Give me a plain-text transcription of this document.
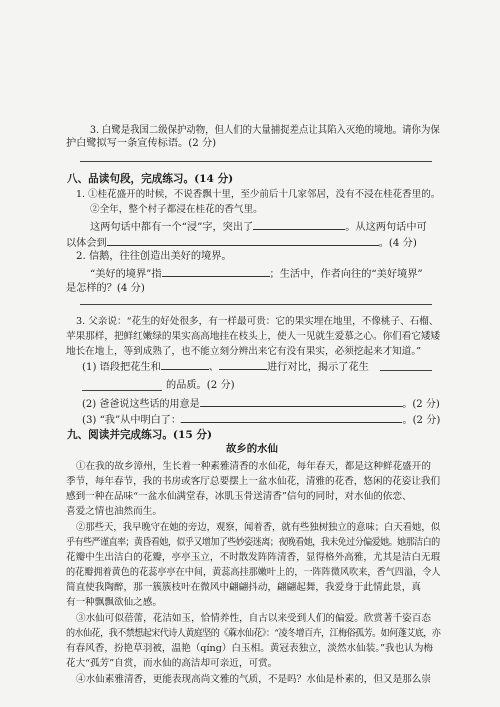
3. 白鹭是我国二级保护动物，但人们的大量捕捉差点让其陷入灭绝的境地。请你为保
护白鹭拟写一条宣传标语。(2 分)
八、品读句段，完成练习。(14 分)
1. ①桂花盛开的时候，不说香飘十里，至少前后十几家邻居，没有不浸在桂花香里的。
②全年，整个村子都浸在桂花的香气里。
这两句话中都有一个“浸”字，突出了	。从这两句话中可
以体会到	。(4 分)
2. 信鹅，往往创造出美好的境界。
“美好的境界”指	；生活中，作者向往的“美好境界”
是怎样的？(4 分)
3. 父亲说：“花生的好处很多，有一样最可贵：它的果实埋在地里，不像桃子、石榴、
苹果那样，把鲜红嫩绿的果实高高地挂在枝头上，使人一见就生爱慕之心。你们看它矮矮
地长在地上，等到成熟了，也不能立刻分辨出来它有没有果实，必须挖起来才知道。”
(1) 语段把花生和	、	进行对比，揭示了花生
的品质。(2 分)
(2) 爸爸说这些话的用意是	。(2 分)
(3) “我”从中明白了：	。(2 分)
九、阅读并完成练习。(15 分)
故乡的水仙
①在我的故乡漳州，生长着一种素雅清香的水仙花，每年春天，都是这种鲜花盛开的
季节，每年春节，我的书房或客厅总要摆上一盆水仙花，清雅的花香，悠闲的花姿让我们
感到一种在品味“一盆水仙满堂春，冰肌玉骨送清香”信句的同时，对水仙的依恋、
喜爱之情也油然而生。
②那些天，我早晚守在她的旁边，观察，闻着香，就有些独树独立的意味；白天看她，似
乎有些严谨直率；黄昏看她，似乎又增加了些妙姿迷离；夜晚看她，我未免过分偏爱她。她那洁白的
花瓣中生出洁白的花瓣，亭亭玉立，不时散发阵阵清香，显得格外高雅，尤其是洁白无瑕
的花瓣拥着黄色的花蕊亭亭在中间，黄蕊高挂那嫩叶上的，一阵阵微风吹来，香气四溢，令人
简直使我陶醉，那一簇簇枝叶在微风中翩翩抖动，翩翩起舞，我爱身于此情此景，真
有一种飘飘欲仙之感。
③水仙可似蓓蕾，花洁如玉，恰情养性，自古以来受到人们的偏爱。欣赏著千姿百态
的水仙花，我不禁想起宋代诗人黄庭坚的《蔴水仙花》：“凌冬增百卉，江梅俗孤芳。如何蓬艾底，亦
有春风香，扮艳草羽被，温艳（qíng）白玉相。黄冠表独立，淡然水仙装。”我也认为梅
花大“孤芳”自赏，而水仙的高洁却可亲近，可赏。
④水仙素雅清香，更能表现高尚文雅的气质，不是吗？水仙是朴素的，但又是那么崇
